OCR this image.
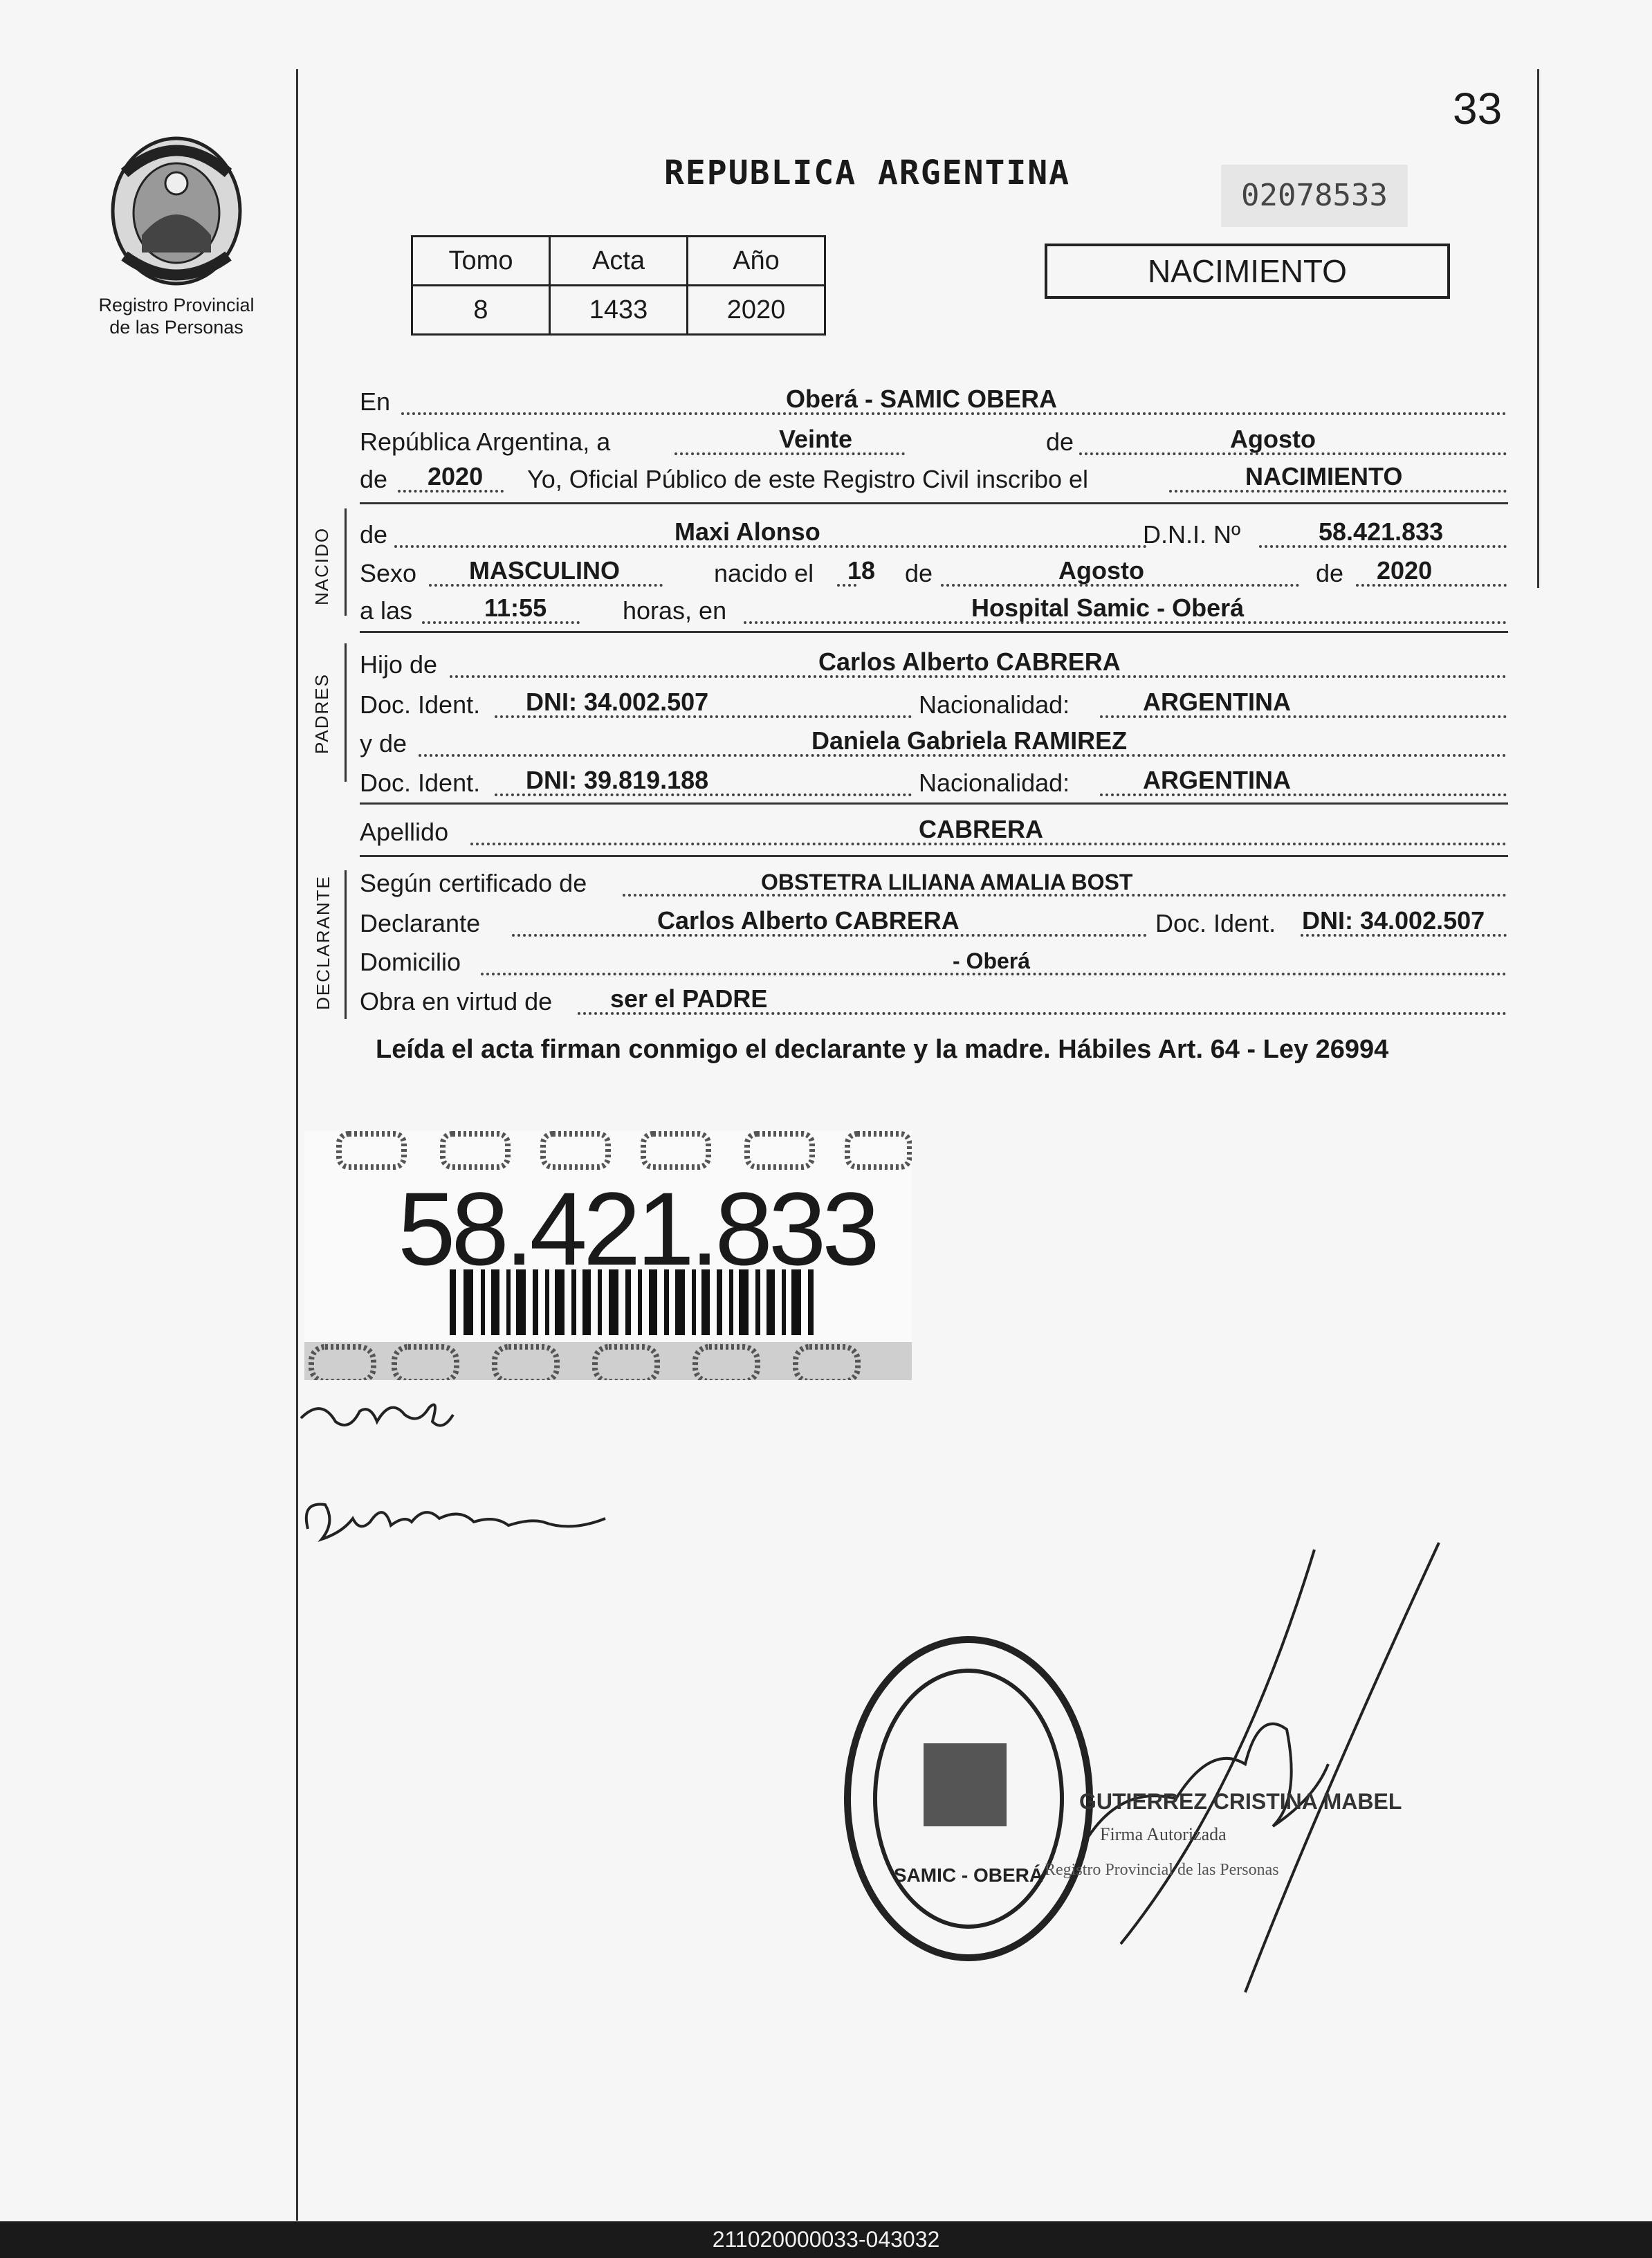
33
Registro Provincial
de las Personas
REPUBLICA ARGENTINA
02078533
Tomo	Acta	Año
8	1433	2020
NACIMIENTO
En	Oberá - SAMIC OBERA
República Argentina, a	Veinte	de	Agosto
de 2020 Yo, Oficial Público de este Registro Civil inscribo el	NACIMIENTO
NACIDO de	Maxi Alonso	D.N.I. Nº	58.421.833
Sexo MASCULINO	nacido el 18 de	Agosto	de 2020
a las	11:55	horas, en	Hospital Samic - Oberá
PADRES
Hijo de	Carlos Alberto CABRERA
Doc. Ident. DNI: 34.002.507	Nacionalidad:	ARGENTINA
y de	Daniela Gabriela RAMIREZ
Doc. Ident. DNI: 39.819.188	Nacionalidad:	ARGENTINA
Apellido	CABRERA
DECLARANTE Según certificado de	OBSTETRA LILIANA AMALIA BOST
Declarante	Carlos Alberto CABRERA	Doc. Ident. DNI: 34.002.507
Domicilio	- Oberá
Obra en virtud de ser el PADRE
Leída el acta firman conmigo el declarante y la madre. Hábiles Art. 64 - Ley 26994
58.421.833
GUTIERREZ CRISTINA MABEL
Firma Autorizada
Registro Provincial de las Personas
SAMIC - OBERÁ
211020000033-043032
